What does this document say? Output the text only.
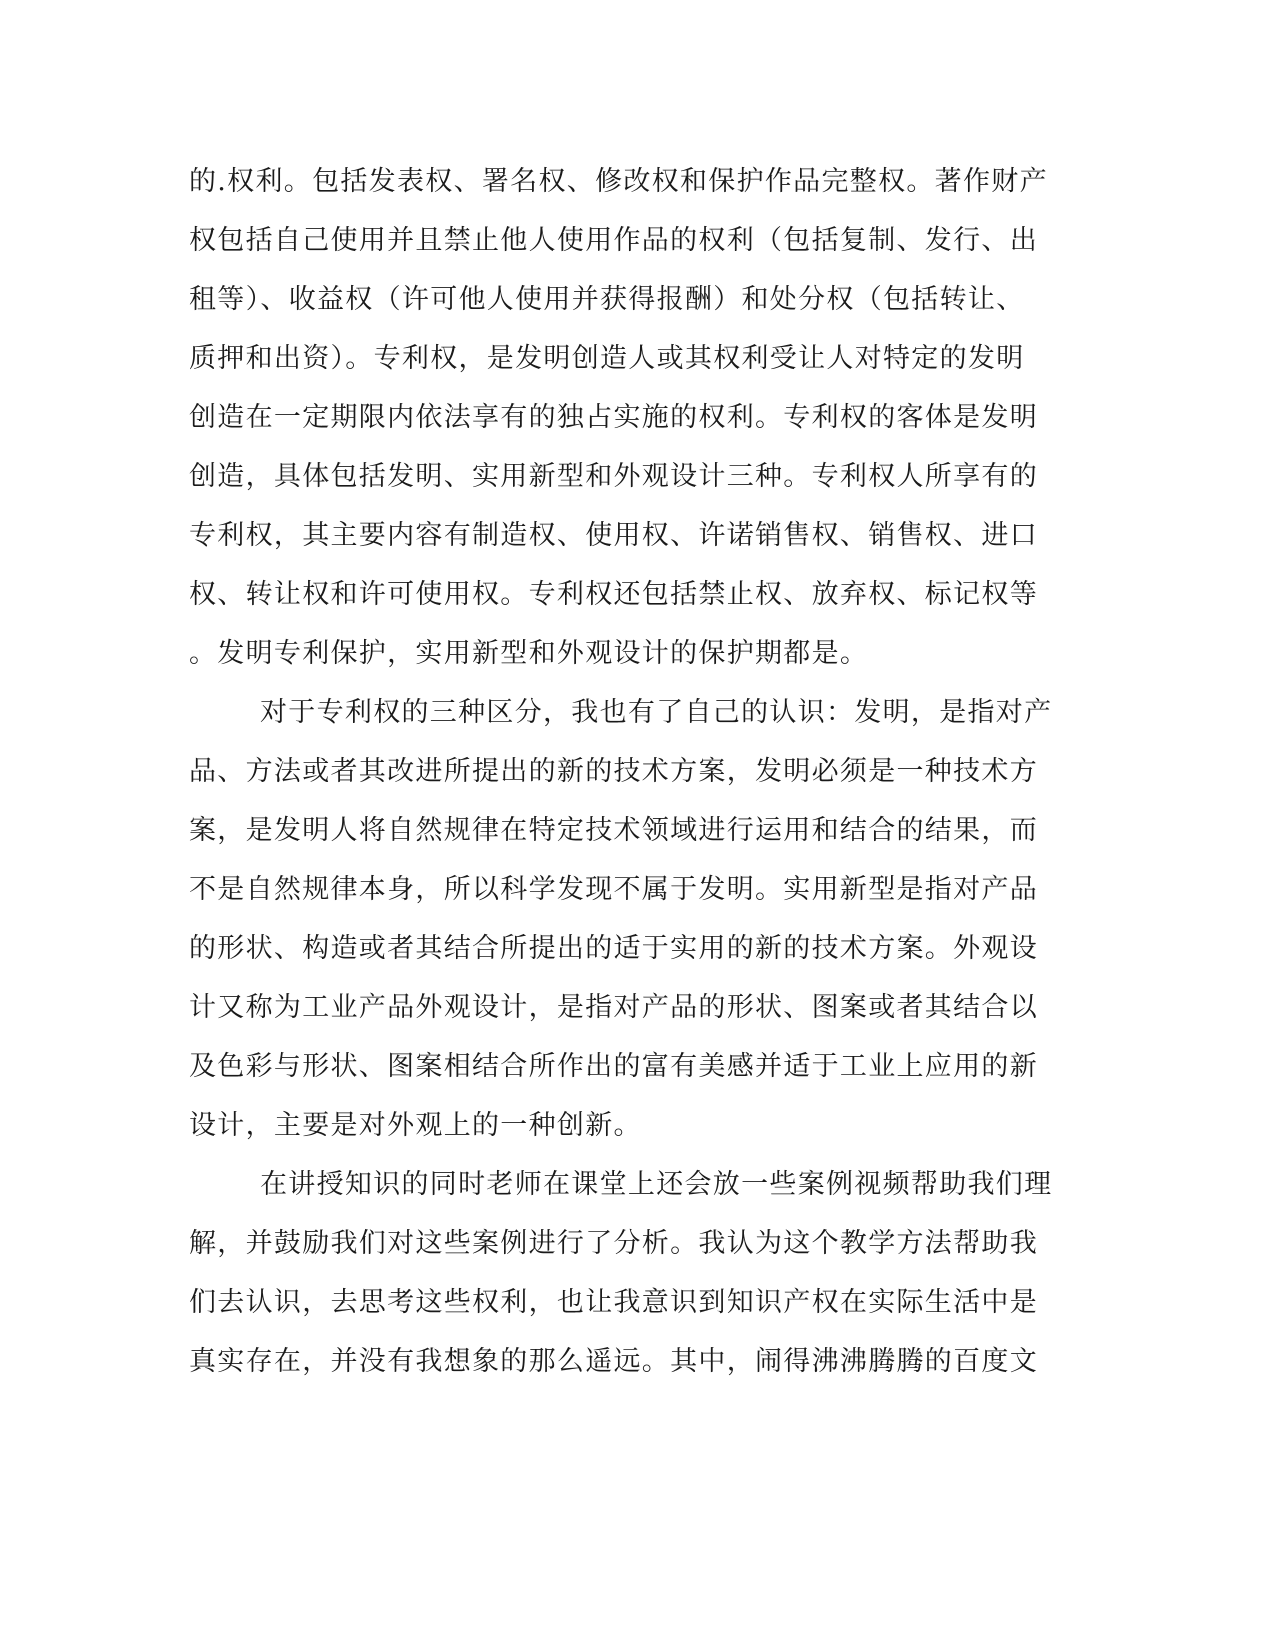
的.权利。包括发表权、署名权、修改权和保护作品完整权。著作财产
权包括自己使用并且禁止他人使用作品的权利（包括复制、发行、出
租等）、收益权（许可他人使用并获得报酬）和处分权（包括转让、
质押和出资）。专利权，是发明创造人或其权利受让人对特定的发明
创造在一定期限内依法享有的独占实施的权利。专利权的客体是发明
创造，具体包括发明、实用新型和外观设计三种。专利权人所享有的
专利权，其主要内容有制造权、使用权、许诺销售权、销售权、进口
权、转让权和许可使用权。专利权还包括禁止权、放弃权、标记权等
。发明专利保护，实用新型和外观设计的保护期都是。
对于专利权的三种区分，我也有了自己的认识：发明，是指对产
品、方法或者其改进所提出的新的技术方案，发明必须是一种技术方
案，是发明人将自然规律在特定技术领域进行运用和结合的结果，而
不是自然规律本身，所以科学发现不属于发明。实用新型是指对产品
的形状、构造或者其结合所提出的适于实用的新的技术方案。外观设
计又称为工业产品外观设计，是指对产品的形状、图案或者其结合以
及色彩与形状、图案相结合所作出的富有美感并适于工业上应用的新
设计，主要是对外观上的一种创新。
在讲授知识的同时老师在课堂上还会放一些案例视频帮助我们理
解，并鼓励我们对这些案例进行了分析。我认为这个教学方法帮助我
们去认识，去思考这些权利，也让我意识到知识产权在实际生活中是
真实存在，并没有我想象的那么遥远。其中，闹得沸沸腾腾的百度文
